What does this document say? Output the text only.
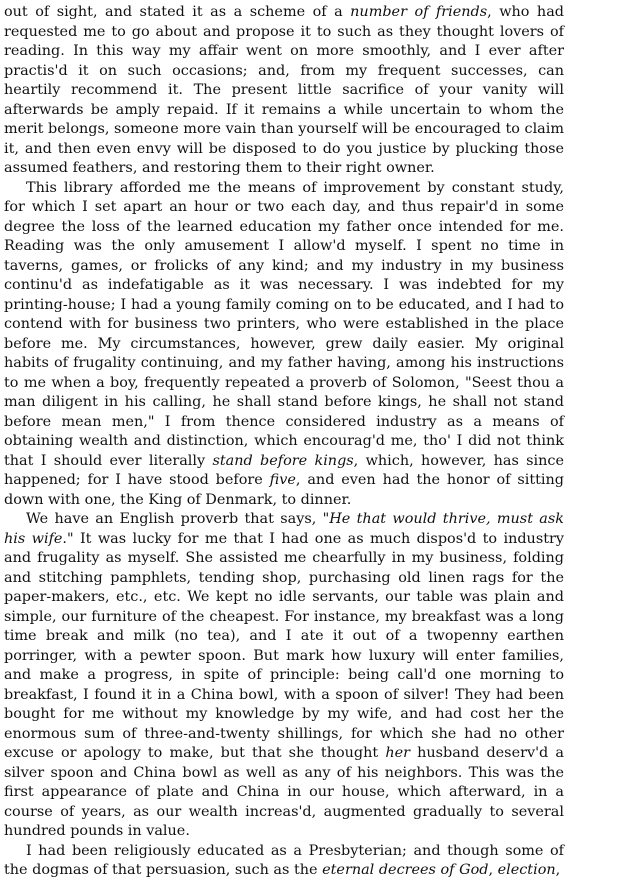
out of sight, and stated it as a scheme of a number of friends, who had requested me to go about and propose it to such as they thought lovers of reading. In this way my affair went on more smoothly, and I ever after practis'd it on such occasions; and, from my frequent successes, can heartily recommend it. The present little sacrifice of your vanity will afterwards be amply repaid. If it remains a while uncertain to whom the merit belongs, someone more vain than yourself will be encouraged to claim it, and then even envy will be disposed to do you justice by plucking those assumed feathers, and restoring them to their right owner.

This library afforded me the means of improvement by constant study, for which I set apart an hour or two each day, and thus repair'd in some degree the loss of the learned education my father once intended for me. Reading was the only amusement I allow'd myself. I spent no time in taverns, games, or frolicks of any kind; and my industry in my business continu'd as indefatigable as it was necessary. I was indebted for my printing-house; I had a young family coming on to be educated, and I had to contend with for business two printers, who were established in the place before me. My circumstances, however, grew daily easier. My original habits of frugality continuing, and my father having, among his instructions to me when a boy, frequently repeated a proverb of Solomon, "Seest thou a man diligent in his calling, he shall stand before kings, he shall not stand before mean men," I from thence considered industry as a means of obtaining wealth and distinction, which encourag'd me, tho' I did not think that I should ever literally stand before kings, which, however, has since happened; for I have stood before five, and even had the honor of sitting down with one, the King of Denmark, to dinner.

We have an English proverb that says, "He that would thrive, must ask his wife." It was lucky for me that I had one as much dispos'd to industry and frugality as myself. She assisted me chearfully in my business, folding and stitching pamphlets, tending shop, purchasing old linen rags for the paper-makers, etc., etc. We kept no idle servants, our table was plain and simple, our furniture of the cheapest. For instance, my breakfast was a long time break and milk (no tea), and I ate it out of a twopenny earthen porringer, with a pewter spoon. But mark how luxury will enter families, and make a progress, in spite of principle: being call'd one morning to breakfast, I found it in a China bowl, with a spoon of silver! They had been bought for me without my knowledge by my wife, and had cost her the enormous sum of three-and-twenty shillings, for which she had no other excuse or apology to make, but that she thought her husband deserv'd a silver spoon and China bowl as well as any of his neighbors. This was the first appearance of plate and China in our house, which afterward, in a course of years, as our wealth increas'd, augmented gradually to several hundred pounds in value.

I had been religiously educated as a Presbyterian; and though some of the dogmas of that persuasion, such as the eternal decrees of God, election,
